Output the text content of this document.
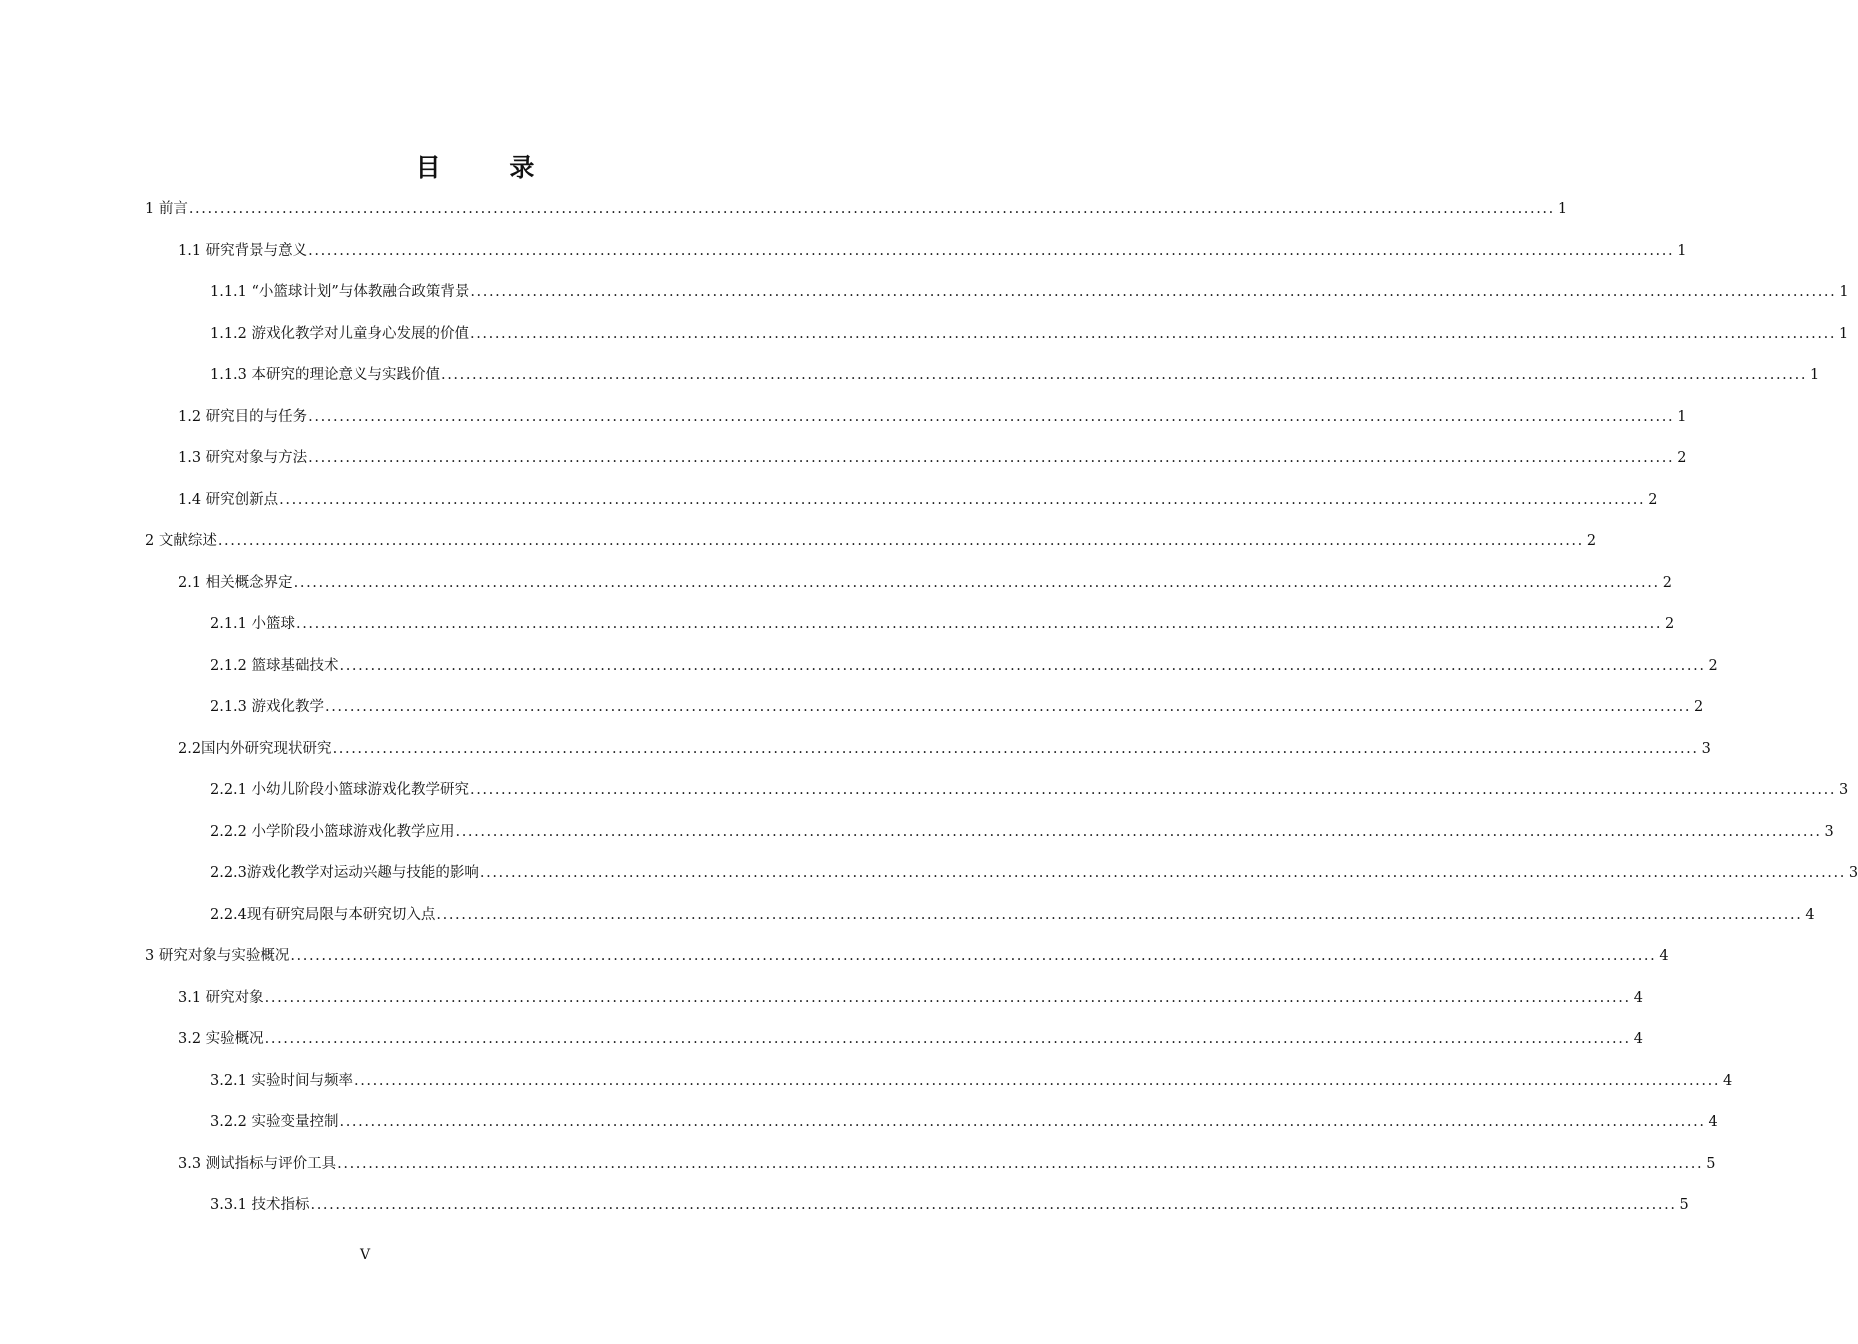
目 录
1 前言 ............................................................................................................................................................................................................................ 1
1.1 研究背景与意义 ............................................................................................................................................................................................................................ 1
1.1.1 “小篮球计划”与体教融合政策背景 ............................................................................................................................................................................................................................ 1
1.1.2 游戏化教学对儿童身心发展的价值 ............................................................................................................................................................................................................................ 1
1.1.3 本研究的理论意义与实践价值 ............................................................................................................................................................................................................................ 1
1.2 研究目的与任务 ............................................................................................................................................................................................................................ 1
1.3 研究对象与方法 ............................................................................................................................................................................................................................ 2
1.4 研究创新点 ............................................................................................................................................................................................................................ 2
2 文献综述 ............................................................................................................................................................................................................................ 2
2.1 相关概念界定 ............................................................................................................................................................................................................................ 2
2.1.1 小篮球 ............................................................................................................................................................................................................................ 2
2.1.2 篮球基础技术 ............................................................................................................................................................................................................................ 2
2.1.3 游戏化教学 ............................................................................................................................................................................................................................ 2
2.2国内外研究现状研究 ............................................................................................................................................................................................................................ 3
2.2.1 小幼儿阶段小篮球游戏化教学研究 ............................................................................................................................................................................................................................ 3
2.2.2 小学阶段小篮球游戏化教学应用 ............................................................................................................................................................................................................................ 3
2.2.3游戏化教学对运动兴趣与技能的影响 ............................................................................................................................................................................................................................ 3
2.2.4现有研究局限与本研究切入点 ............................................................................................................................................................................................................................ 4
3 研究对象与实验概况 ............................................................................................................................................................................................................................ 4
3.1 研究对象 ............................................................................................................................................................................................................................ 4
3.2 实验概况 ............................................................................................................................................................................................................................ 4
3.2.1 实验时间与频率 ............................................................................................................................................................................................................................ 4
3.2.2 实验变量控制 ............................................................................................................................................................................................................................ 4
3.3 测试指标与评价工具 ............................................................................................................................................................................................................................ 5
3.3.1 技术指标 ............................................................................................................................................................................................................................ 5
V
